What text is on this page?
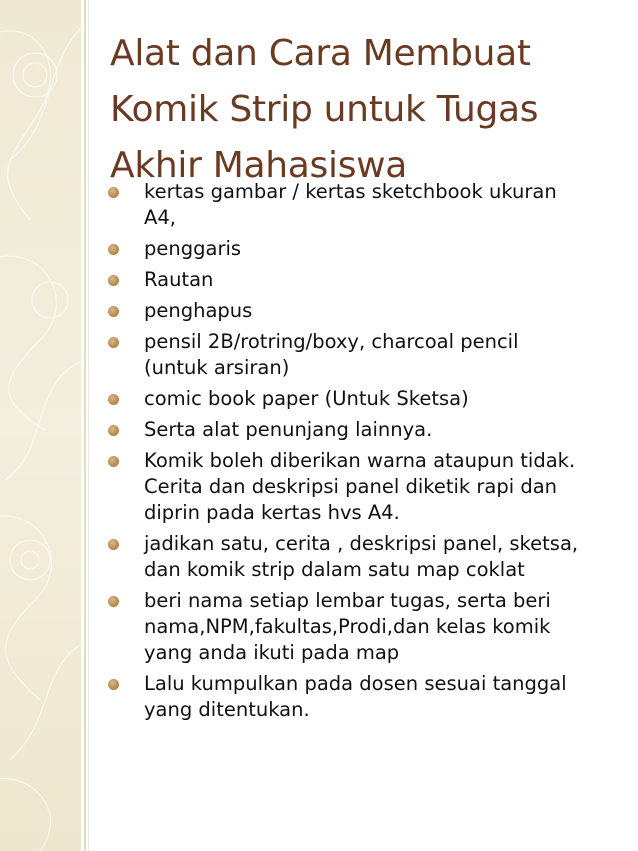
Alat dan Cara Membuat
Komik Strip untuk Tugas
Akhir Mahasiswa
kertas gambar / kertas sketchbook ukuran
A4,
penggaris
Rautan
penghapus
pensil 2B/rotring/boxy, charcoal pencil
(untuk arsiran)
comic book paper (Untuk Sketsa)
Serta alat penunjang lainnya.
Komik boleh diberikan warna ataupun tidak.
Cerita dan deskripsi panel diketik rapi dan
diprin pada kertas hvs A4.
jadikan satu, cerita , deskripsi panel, sketsa,
dan komik strip dalam satu map coklat
beri nama setiap lembar tugas, serta beri
nama,NPM,fakultas,Prodi,dan kelas komik
yang anda ikuti pada map
Lalu kumpulkan pada dosen sesuai tanggal
yang ditentukan.
